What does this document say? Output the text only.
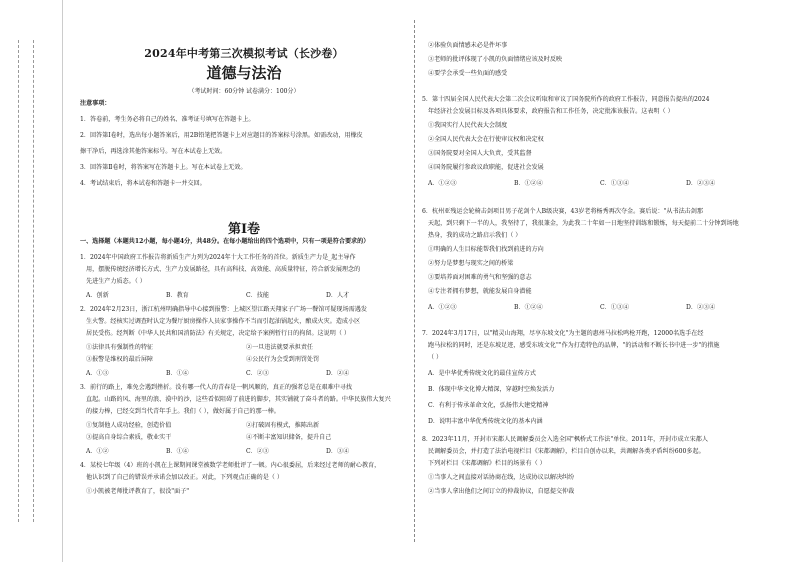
2024年中考第三次模拟考试（长沙卷）
道德与法治
（考试时间：60分钟 试卷满分：100分）
注意事项：
1．答卷前，考生务必将自己的姓名、准考证号填写在答题卡上。
2．回答第Ⅰ卷时，选出每小题答案后，用2B铅笔把答题卡上对应题目的答案标号涂黑。如需改动，用橡皮
擦干净后，再选涂其他答案标号。写在本试卷上无效。
3．回答第Ⅱ卷时，将答案写在答题卡上。写在本试卷上无效。
4．考试结束后，将本试卷和答题卡一并交回。
第Ⅰ卷
一、选择题（本题共12小题，每小题4分，共48分。在每小题给出的四个选项中，只有一项是符合要求的）
1．2024年中国政府工作报告将新质生产力列为2024年十大工作任务的首位。新质生产力是_起主导作
用，摆脱传统经济增长方式、生产力发展路径，具有高科技、高效能、高质量特征，符合新发展理念的
先进生产力质态。（ ）
A．创新	B．教育	C．技能	D．人才
2．2024年2月23日，浙江杭州明确指导中心接到报警：上城区望江路天翔家子广场一餐馆可疑现场需遇发
生火警。经核实过调查时认定为餐厅厨房操作人员家事操作不当而引起油锅起火，酿成火灾。造成小区
居民受伤。经判断《中华人民共和国消防法》有关规定，决定给予案例暂行日的拘留。这说明（ ）
①法律具有强制性的特征	②一旦违法就要承担责任
③报警是维权的最后屏障	④公民行为会受到刑罚处罚
A．①③	B．①④	C．②③	D．②④
3．前行的路上，难免会遇到挫折。没有哪一代人的青春是一帆风顺的，真正的强者总是在艰难中寻找
直起。山路的风、海里的浪、漠中的沙，这些看似阻碍了前进的脚步，其实铺就了奋斗者的路。中华民族伟大复兴
的接力棒，已经交到当代青年手上。我们（ ），做好属于自己的那一棒。
①复制他人成功经验，创造价值	②打破固有模式，推陈出新
③提高自身综合素质，敬业实干	④不断丰富知识储备，提升自己
A．①②	B．①④	C．②③	D．③④
4．某校七年级（4）班的小凯在上课期间课堂被数学老师批评了一顿。内心很委屈，后来经过老师的耐心教育，
他认识到了自己的错误并承诺会加以改正。对此，下列观点正确的是（ ）
①小凯被老师批评教育了，很没"面子"
②体验负面情感未必是件坏事
③老师的批评体现了小凯的负面情绪应该及时反映
④要学会承受一些负面的感受
5．第十四届全国人民代表大会第二次会议听取和审议了国务院所作的政府工作报告，同意报告提出的2024
年经济社会发展目标及各项具体要求，政府报告和工作任务，决定批准该报告。这表明（ ）
①我国实行人民代表大会制度
②全国人民代表大会在行使审议权和决定权
③国务院要对全国人大负责，受其监督
④国务院履行参政议政职能，促进社会发展
A．①②③	B．①②④	C．①③④	D．②③④
6．杭州亚残运会轮椅击剑项目男子花剑个人B级决赛，43岁老将杨秀再次夺金。赛后说："从书法击剑那
天起，到只剩下一半的人，我坚持了，我很兼金，为此我二十年如一日地坚持训练和锻炼，每天提前二十分钟到场地
热身，我的成功之路启示我们（ ）
①明确的人生目标能帮我们找到前进的方向
②努力是梦想与现实之间的桥梁
③要培养面对困难的勇气和坚强的意志
④专注者拥有梦想，就能发展自身潜能
A．①②③	B．①②④	C．①③④	D．②③④
7．2024年3月17日，以"精灵山海翔，尽享东坡文化"为主题的惠州马拉松鸣枪开跑，12000名选手在经
跑马拉松的同时，还是东坡足迹，感受东坡文化""作为打造特色的品牌，"的活动和不断长书中进一步"的措施
（ ）
A．是中华优秀传统文化的最佳宣传方式
B．体现中华文化博大精深，穿越时空焕发活力
C．有利于传承革命文化，弘扬伟大建党精神
D．说明丰富中华优秀传统文化的基本内涵
8．2023年11月，开封市宋都人民调解委员会入选全国"枫桥式工作法"单位。2011年，开封市成立宋都人
民调解委员会，并打造了法治电视栏目《宋都调解》，栏目自创办以来，共调解各类矛盾纠纷600多起。
下列对栏目《宋都调解》栏目的场景有（ ）
①当事人之间直接对话协商在线，达成协议以解决纠纷
②当事人拿出他们之间订立的仲裁协议，自愿提交仲裁
